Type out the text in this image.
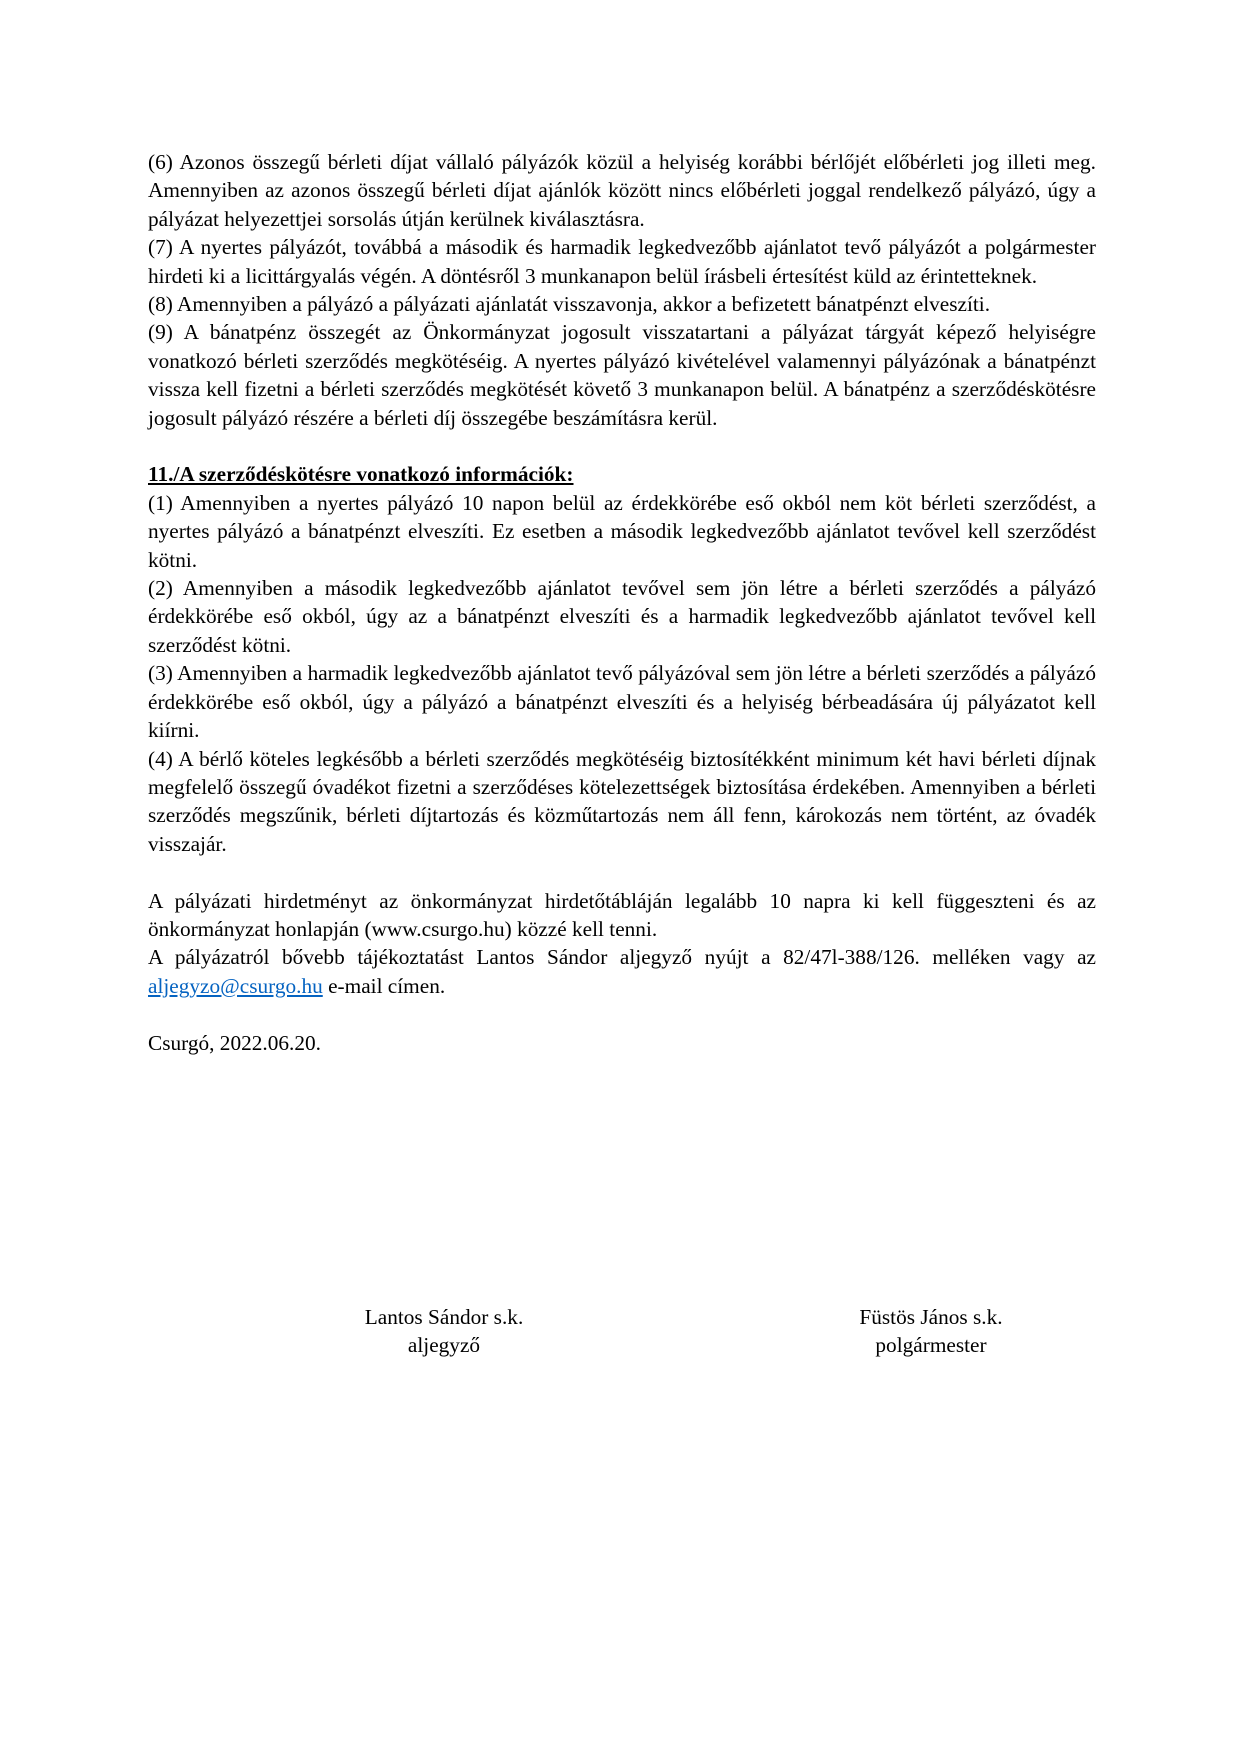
(6) Azonos összegű bérleti díjat vállaló pályázók közül a helyiség korábbi bérlőjét előbérleti jog illeti meg. Amennyiben az azonos összegű bérleti díjat ajánlók között nincs előbérleti joggal rendelkező pályázó, úgy a pályázat helyezettjei sorsolás útján kerülnek kiválasztásra.

(7) A nyertes pályázót, továbbá a második és harmadik legkedvezőbb ajánlatot tevő pályázót a polgármester hirdeti ki a licittárgyalás végén. A döntésről 3 munkanapon belül írásbeli értesítést küld az érintetteknek.

(8) Amennyiben a pályázó a pályázati ajánlatát visszavonja, akkor a befizetett bánatpénzt elveszíti.

(9) A bánatpénz összegét az Önkormányzat jogosult visszatartani a pályázat tárgyát képező helyiségre vonatkozó bérleti szerződés megkötéséig. A nyertes pályázó kivételével valamennyi pályázónak a bánatpénzt vissza kell fizetni a bérleti szerződés megkötését követő 3 munkanapon belül. A bánatpénz a szerződéskötésre jogosult pályázó részére a bérleti díj összegébe beszámításra kerül.

11./A szerződéskötésre vonatkozó információk:

(1) Amennyiben a nyertes pályázó 10 napon belül az érdekkörébe eső okból nem köt bérleti szerződést, a nyertes pályázó a bánatpénzt elveszíti. Ez esetben a második legkedvezőbb ajánlatot tevővel kell szerződést kötni.

(2) Amennyiben a második legkedvezőbb ajánlatot tevővel sem jön létre a bérleti szerződés a pályázó érdekkörébe eső okból, úgy az a bánatpénzt elveszíti és a harmadik legkedvezőbb ajánlatot tevővel kell szerződést kötni.

(3) Amennyiben a harmadik legkedvezőbb ajánlatot tevő pályázóval sem jön létre a bérleti szerződés a pályázó érdekkörébe eső okból, úgy a pályázó a bánatpénzt elveszíti és a helyiség bérbeadására új pályázatot kell kiírni.

(4) A bérlő köteles legkésőbb a bérleti szerződés megkötéséig biztosítékként minimum két havi bérleti díjnak megfelelő összegű óvadékot fizetni a szerződéses kötelezettségek biztosítása érdekében. Amennyiben a bérleti szerződés megszűnik, bérleti díjtartozás és közműtartozás nem áll fenn, károkozás nem történt, az óvadék visszajár.

A pályázati hirdetményt az önkormányzat hirdetőtábláján legalább 10 napra ki kell függeszteni és az önkormányzat honlapján (www.csurgo.hu) közzé kell tenni.

A pályázatról bővebb tájékoztatást Lantos Sándor aljegyző nyújt a 82/47l-388/126. melléken vagy az aljegyzo@csurgo.hu e-mail címen.

Csurgó, 2022.06.20.

Lantos Sándor s.k.
aljegyző
Füstös János s.k.
polgármester
